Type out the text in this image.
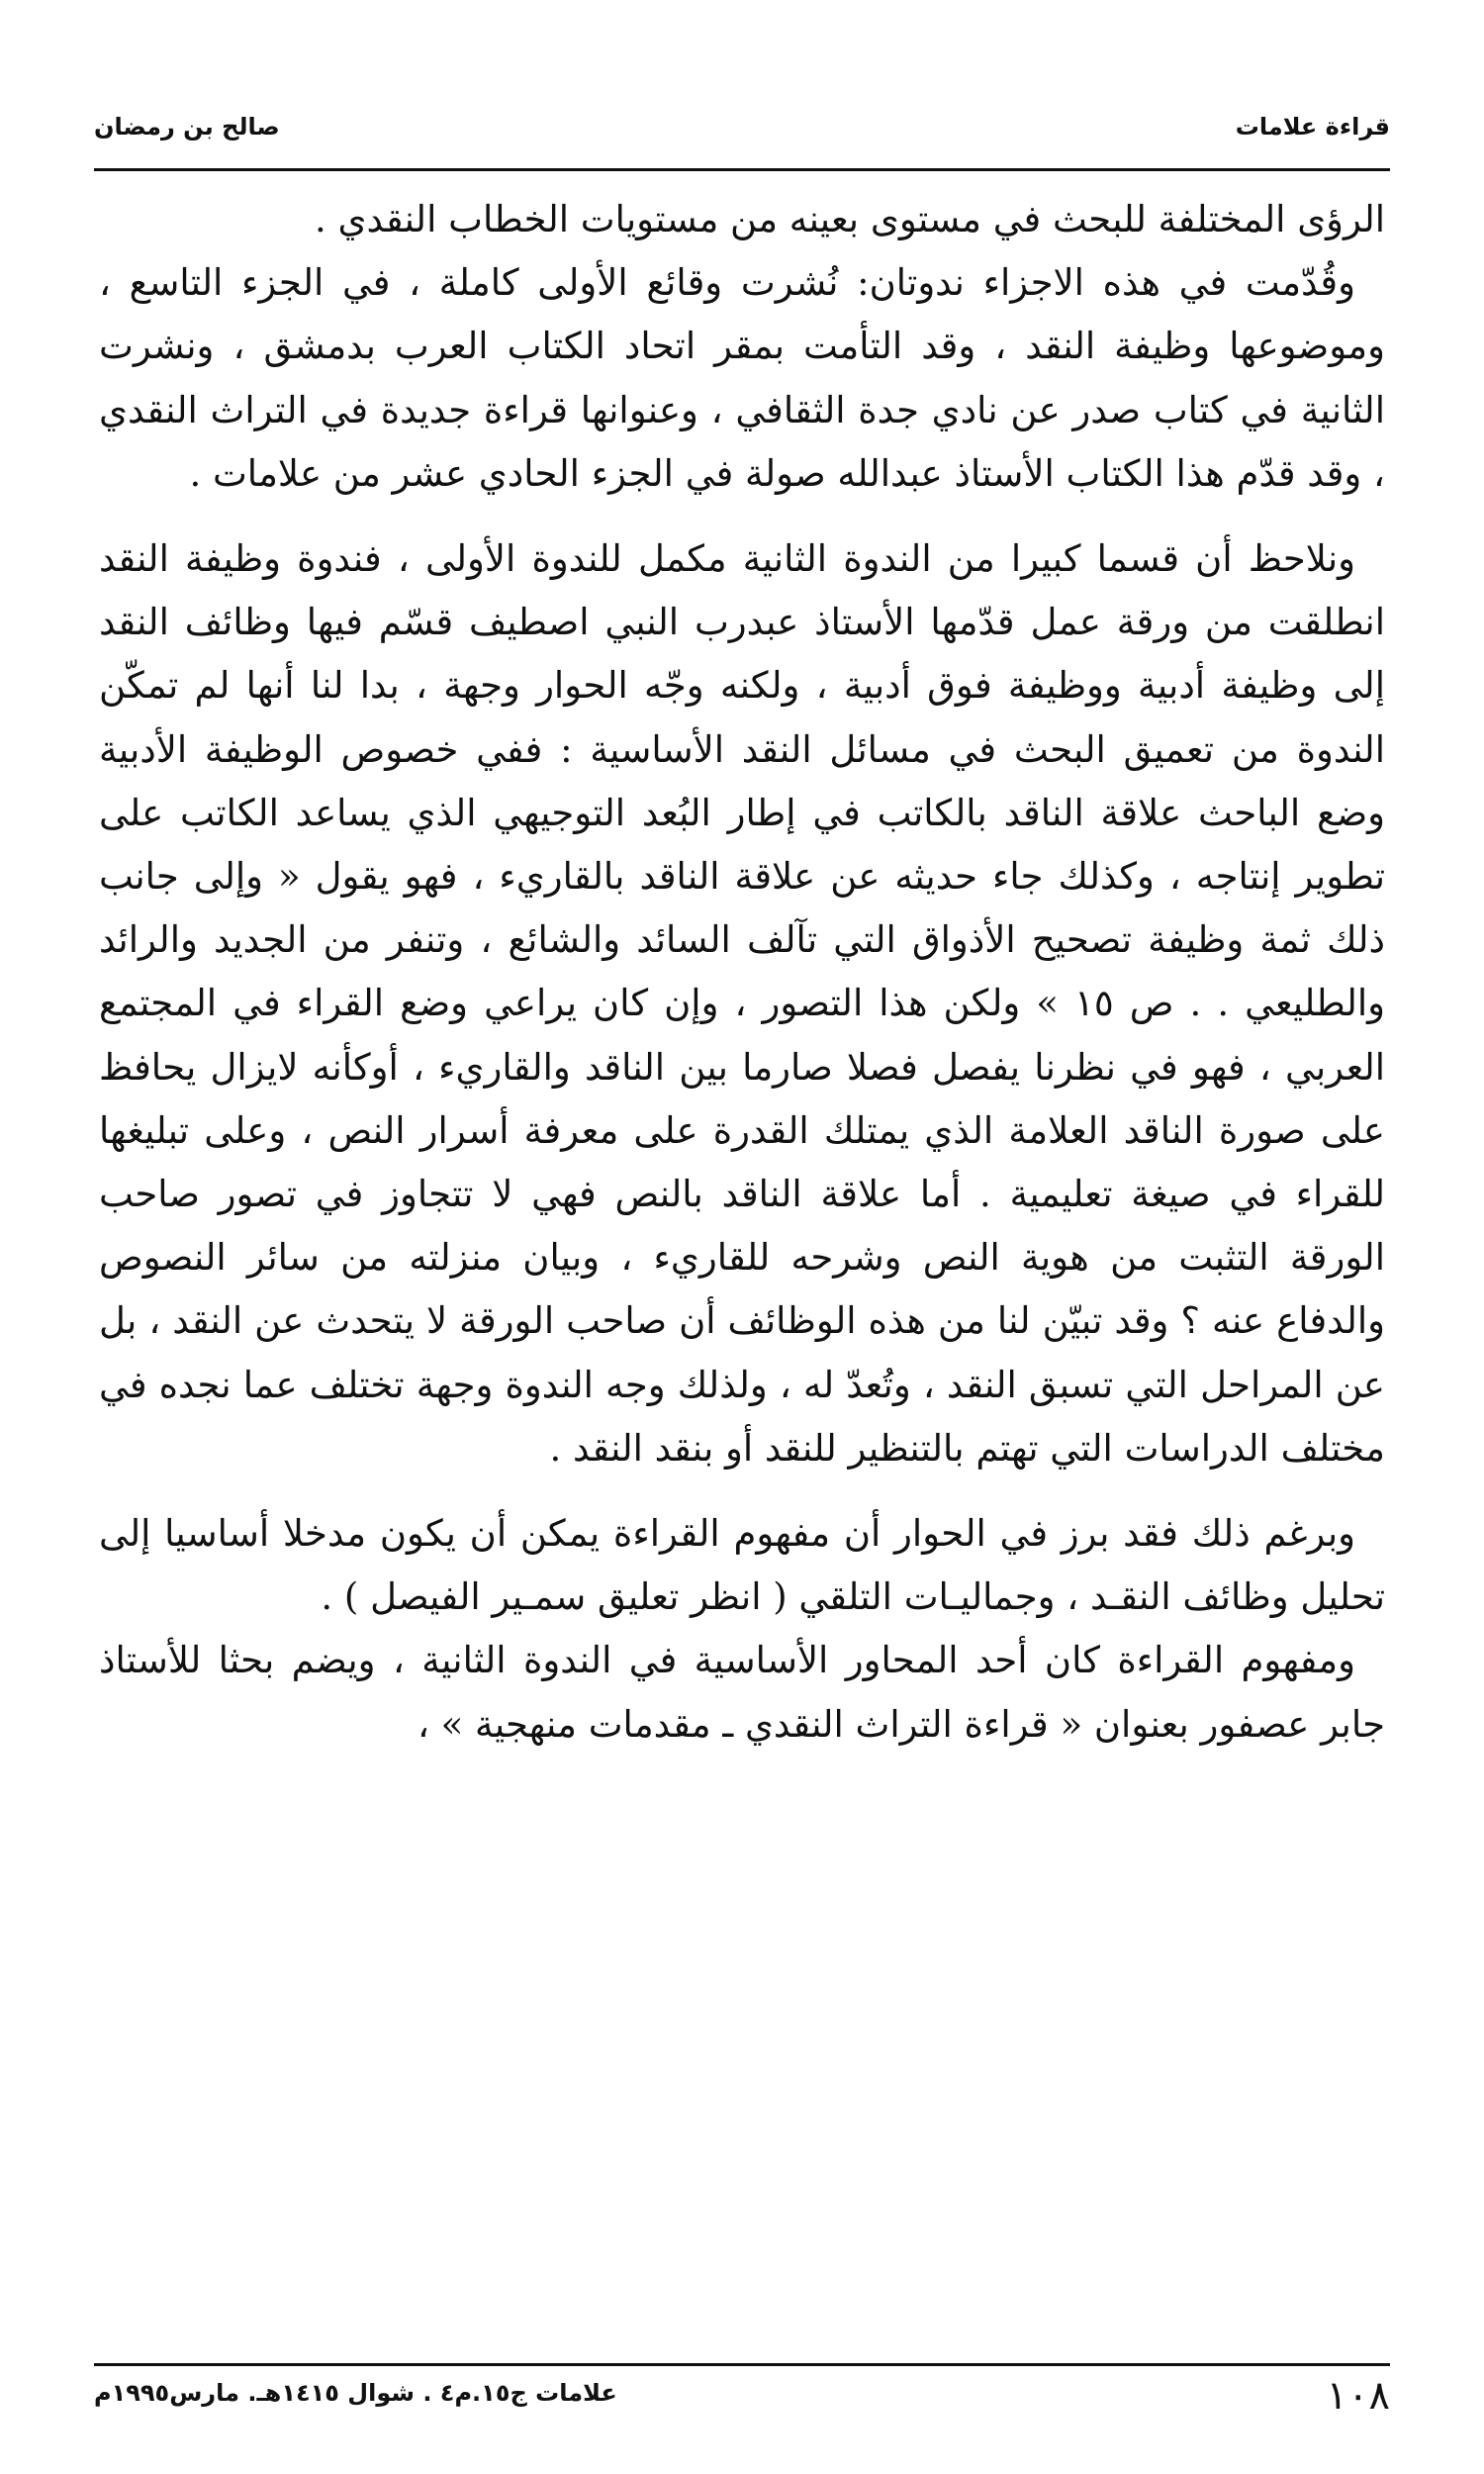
قراءة علامات
صالح بن رمضان

الرؤى المختلفة للبحث في مستوى بعينه من مستويات الخطاب النقدي .

وقُدّمت في هذه الاجزاء ندوتان: نُشرت وقائع الأولى كاملة ، في الجزء التاسع ، وموضوعها وظيفة النقد ، وقد التأمت بمقر اتحاد الكتاب العرب بدمشق ، ونشرت الثانية في كتاب صدر عن نادي جدة الثقافي ، وعنوانها قراءة جديدة في التراث النقدي ، وقد قدّم هذا الكتاب الأستاذ عبدالله صولة في الجزء الحادي عشر من علامات .

ونلاحظ أن قسما كبيرا من الندوة الثانية مكمل للندوة الأولى ، فندوة وظيفة النقد انطلقت من ورقة عمل قدّمها الأستاذ عبدرب النبي اصطيف قسّم فيها وظائف النقد إلى وظيفة أدبية ووظيفة فوق أدبية ، ولكنه وجّه الحوار وجهة ، بدا لنا أنها لم تمكّن الندوة من تعميق البحث في مسائل النقد الأساسية : ففي خصوص الوظيفة الأدبية وضع الباحث علاقة الناقد بالكاتب في إطار البُعد التوجيهي الذي يساعد الكاتب على تطوير إنتاجه ، وكذلك جاء حديثه عن علاقة الناقد بالقاريء ، فهو يقول « وإلى جانب ذلك ثمة وظيفة تصحيح الأذواق التي تآلف السائد والشائع ، وتنفر من الجديد والرائد والطليعي . . ص ١٥ » ولكن هذا التصور ، وإن كان يراعي وضع القراء في المجتمع العربي ، فهو في نظرنا يفصل فصلا صارما بين الناقد والقاريء ، أوكأنه لايزال يحافظ على صورة الناقد العلامة الذي يمتلك القدرة على معرفة أسرار النص ، وعلى تبليغها للقراء في صيغة تعليمية . أما علاقة الناقد بالنص فهي لا تتجاوز في تصور صاحب الورقة التثبت من هوية النص وشرحه للقاريء ، وبيان منزلته من سائر النصوص والدفاع عنه ؟ وقد تبيّن لنا من هذه الوظائف أن صاحب الورقة لا يتحدث عن النقد ، بل عن المراحل التي تسبق النقد ، وتُعدّ له ، ولذلك وجه الندوة وجهة تختلف عما نجده في مختلف الدراسات التي تهتم بالتنظير للنقد أو بنقد النقد .

وبرغم ذلك فقد برز في الحوار أن مفهوم القراءة يمكن أن يكون مدخلا أساسيا إلى تحليل وظائف النقـد ، وجماليـات التلقي ( انظر تعليق سمـير الفيصل ) .

ومفهوم القراءة كان أحد المحاور الأساسية في الندوة الثانية ، ويضم بحثا للأستاذ جابر عصفور بعنوان « قراءة التراث النقدي ـ مقدمات منهجية » ،

١٠٨
علامات ج١٥.م٤ . شوال ١٤١٥هـ. مارس١٩٩٥م
